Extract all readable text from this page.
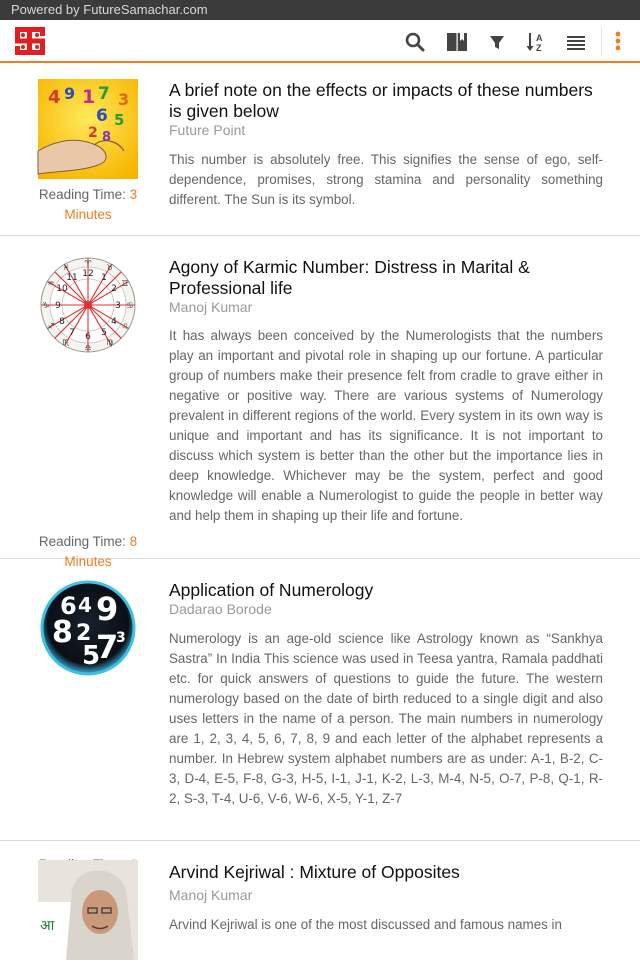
Powered by FutureSamachar.com
A
Z
4 9 1 7 3
6 5
2 8
Reading Time: 3
Minutes
A brief note on the effects or impacts of these numbers is given below
Future Point
This number is absolutely free. This signifies the sense of ego, self-dependence, promises, strong stamina and personality something different. The Sun is its symbol.
12 1
2
3
4
5
6
7
8
9
10
11
♈ ♉
♊
♋
♌
♍
♎
♏
♐
♑
♒
♓
Reading Time: 8
Minutes
Agony of Karmic Number: Distress in Marital & Professional life
Manoj Kumar
It has always been conceived by the Numerologists that the numbers play an important and pivotal role in shaping up our fortune. A particular group of numbers make their presence felt from cradle to grave either in negative or positive way. There are various systems of Numerology prevalent in different regions of the world. Every system in its own way is unique and important and has its significance. It is not important to discuss which system is better than the other but the importance lies in deep knowledge. Whichever may be the system, perfect and good knowledge will enable a Numerologist to guide the people in better way and help them in shaping up their life and fortune.
6 4 9
8 2 3
5
7

Application of Numerology
Dadarao Borode
Numerology is an age-old science like Astrology known as “Sankhya Sastra” In India This science was used in Teesa yantra, Ramala paddhati etc. for quick answers of questions to guide the future. The western numerology based on the date of birth reduced to a single digit and also uses letters in the name of a person. The main numbers in numerology are 1, 2, 3, 4, 5, 6, 7, 8, 9 and each letter of the alphabet represents a number. In Hebrew system alphabet numbers are as under: A-1, B-2, C-3, D-4, E-5, F-8, G-3, H-5, I-1, J-1, K-2, L-3, M-4, N-5, O-7, P-8, Q-1, R-2, S-3, T-4, U-6, V-6, W-6, X-5, Y-1, Z-7
आ
Arvind Kejriwal : Mixture of Opposites
Manoj Kumar
Arvind Kejriwal is one of the most discussed and famous names in
